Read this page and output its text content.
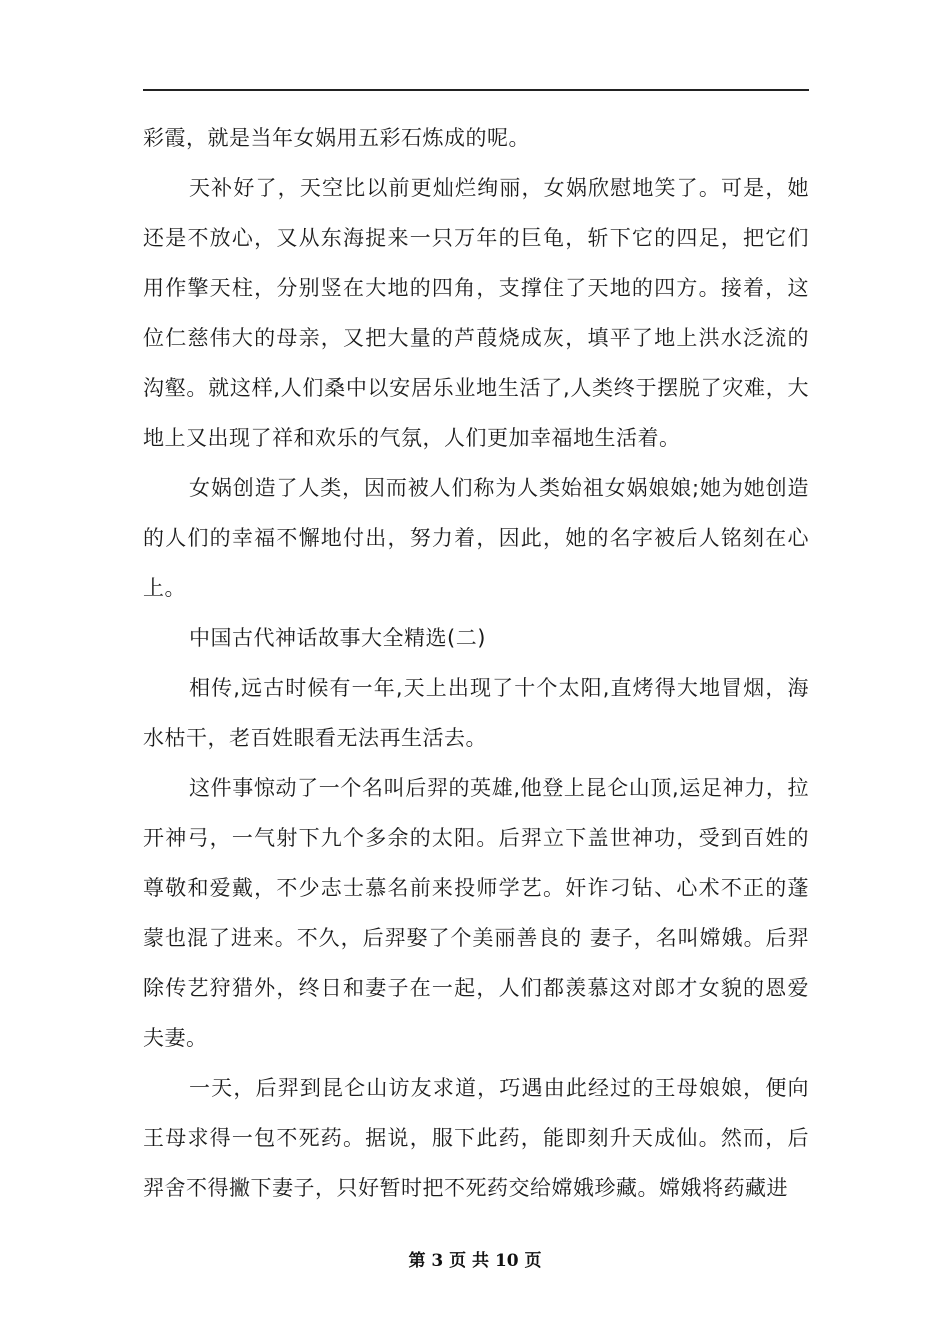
彩霞，就是当年女娲用五彩石炼成的呢。

天补好了，天空比以前更灿烂绚丽，女娲欣慰地笑了。可是，她还是不放心，又从东海捉来一只万年的巨龟，斩下它的四足，把它们用作擎天柱，分别竖在大地的四角，支撑住了天地的四方。接着，这位仁慈伟大的母亲，又把大量的芦葭烧成灰，填平了地上洪水泛流的沟壑。就这样,人们桑中以安居乐业地生活了,人类终于摆脱了灾难，大地上又出现了祥和欢乐的气氛，人们更加幸福地生活着。

女娲创造了人类，因而被人们称为人类始祖女娲娘娘;她为她创造的人们的幸福不懈地付出，努力着，因此，她的名字被后人铭刻在心上。

中国古代神话故事大全精选(二)

相传,远古时候有一年,天上出现了十个太阳,直烤得大地冒烟，海水枯干，老百姓眼看无法再生活去。

这件事惊动了一个名叫后羿的英雄,他登上昆仑山顶,运足神力，拉开神弓，一气射下九个多余的太阳。后羿立下盖世神功，受到百姓的尊敬和爱戴，不少志士慕名前来投师学艺。奸诈刁钻、心术不正的蓬蒙也混了进来。不久，后羿娶了个美丽善良的 妻子，名叫嫦娥。后羿除传艺狩猎外，终日和妻子在一起，人们都羡慕这对郎才女貌的恩爱夫妻。

一天，后羿到昆仑山访友求道，巧遇由此经过的王母娘娘，便向王母求得一包不死药。据说，服下此药，能即刻升天成仙。然而，后羿舍不得撇下妻子，只好暂时把不死药交给嫦娥珍藏。嫦娥将药藏进

第 3 页 共 10 页
